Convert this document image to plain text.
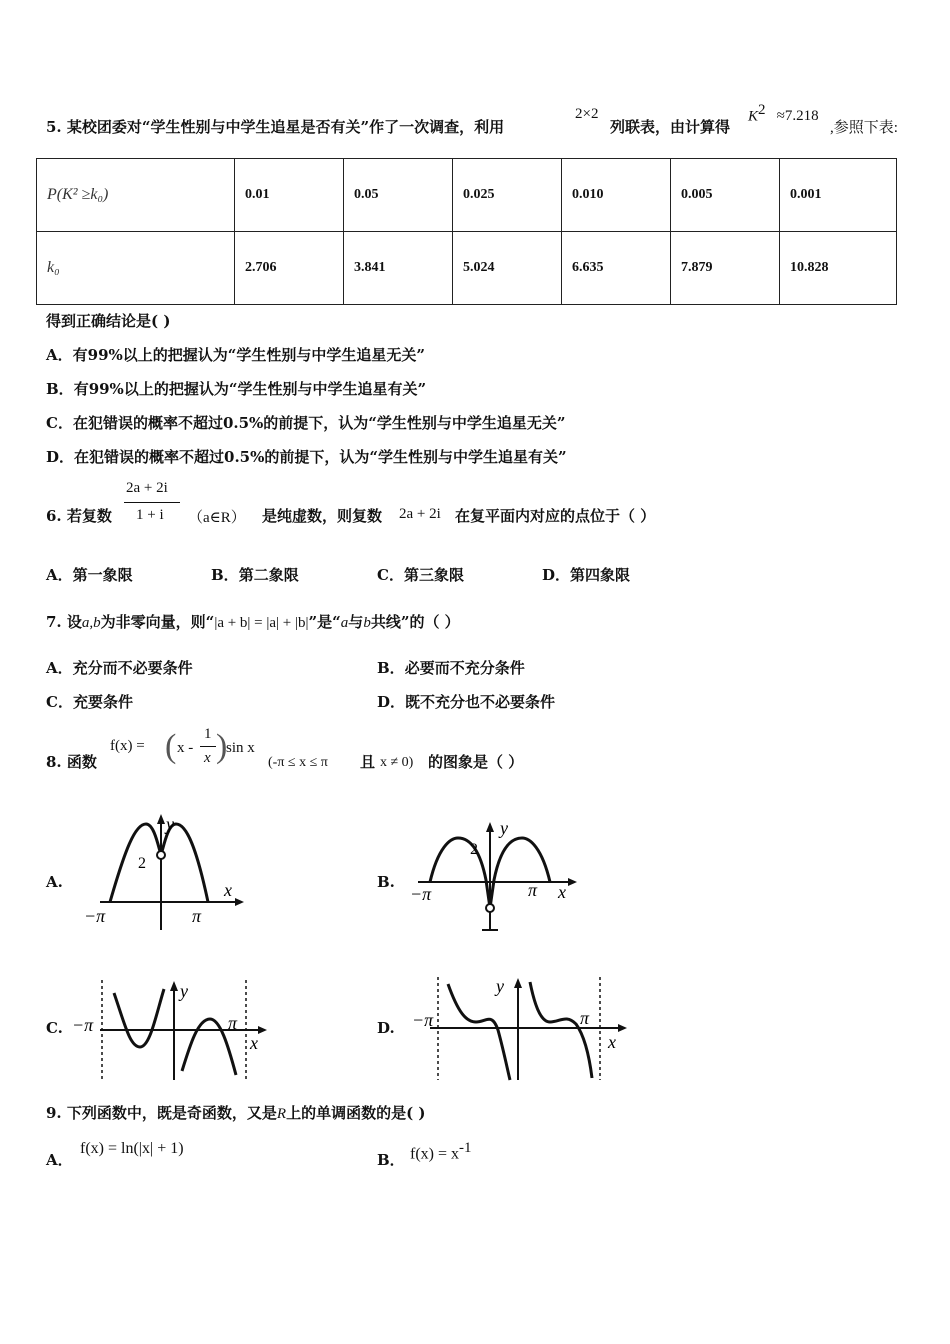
5. 某校团委对“学生性别与中学生追星是否有关”作了一次调查，利用
2×2
列联表，由计算得
$K^2 \approx 7.218$
,参照下表:
P(K² ≥k₀)	0.01	0.05	0.025	0.010	0.005	0.001
k₀	2.706	3.841	5.024	6.635	7.879	10.828
得到正确结论是( )
A．有99%以上的把握认为“学生性别与中学生追星无关”
B．有99%以上的把握认为“学生性别与中学生追星有关”
C．在犯错误的概率不超过0.5%的前提下，认为“学生性别与中学生追星无关”
D．在犯错误的概率不超过0.5%的前提下，认为“学生性别与中学生追星有关”
6. 若复数
2a + 2i
1 + i （a∈R） 是纯虚数，则复数 2a + 2i 在复平面内对应的点位于（ ）
A．第一象限	B．第二象限	C．第三象限	D．第四象限
7. 设a,b为非零向量，则“|a + b| = |a| + |b|”是“a与b共线”的（ ）
A．充分而不必要条件	B．必要而不充分条件
C．充要条件	D．既不充分也不必要条件
8. 函数
f(x) = ( x -
1
x )
sin x
(-π ≤ x ≤ π 且 x ≠ 0) 的图象是（ ）
A.	B.
C.	D.
2
y
x
−π	π
2
y
x
−π	π
y
x
−π	π
y
x
−π	π
9. 下列函数中，既是奇函数，又是R上的单调函数的是( )
A．
f(x) = ln(|x| + 1)
B． $f(x) = x^{-1}$
